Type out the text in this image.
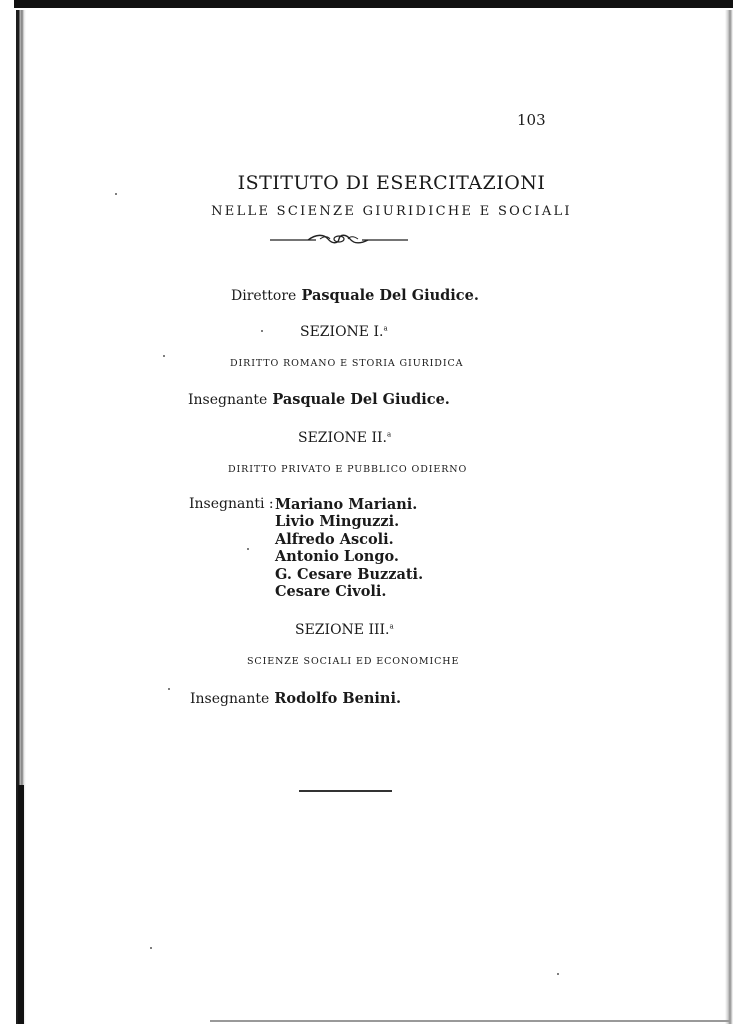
103
ISTITUTO DI ESERCITAZIONI
NELLE SCIENZE GIURIDICHE E SOCIALI
Direttore Pasquale Del Giudice.
SEZIONE I.$^a$
DIRITTO ROMANO E STORIA GIURIDICA
Insegnante Pasquale Del Giudice.
SEZIONE II.$^a$
DIRITTO PRIVATO E PUBBLICO ODIERNO
Insegnanti : Mariano Mariani.
Livio Minguzzi.
Alfredo Ascoli.
Antonio Longo.
G. Cesare Buzzati.
Cesare Civoli.
SEZIONE III.$^a$
SCIENZE SOCIALI ED ECONOMICHE
Insegnante Rodolfo Benini.
